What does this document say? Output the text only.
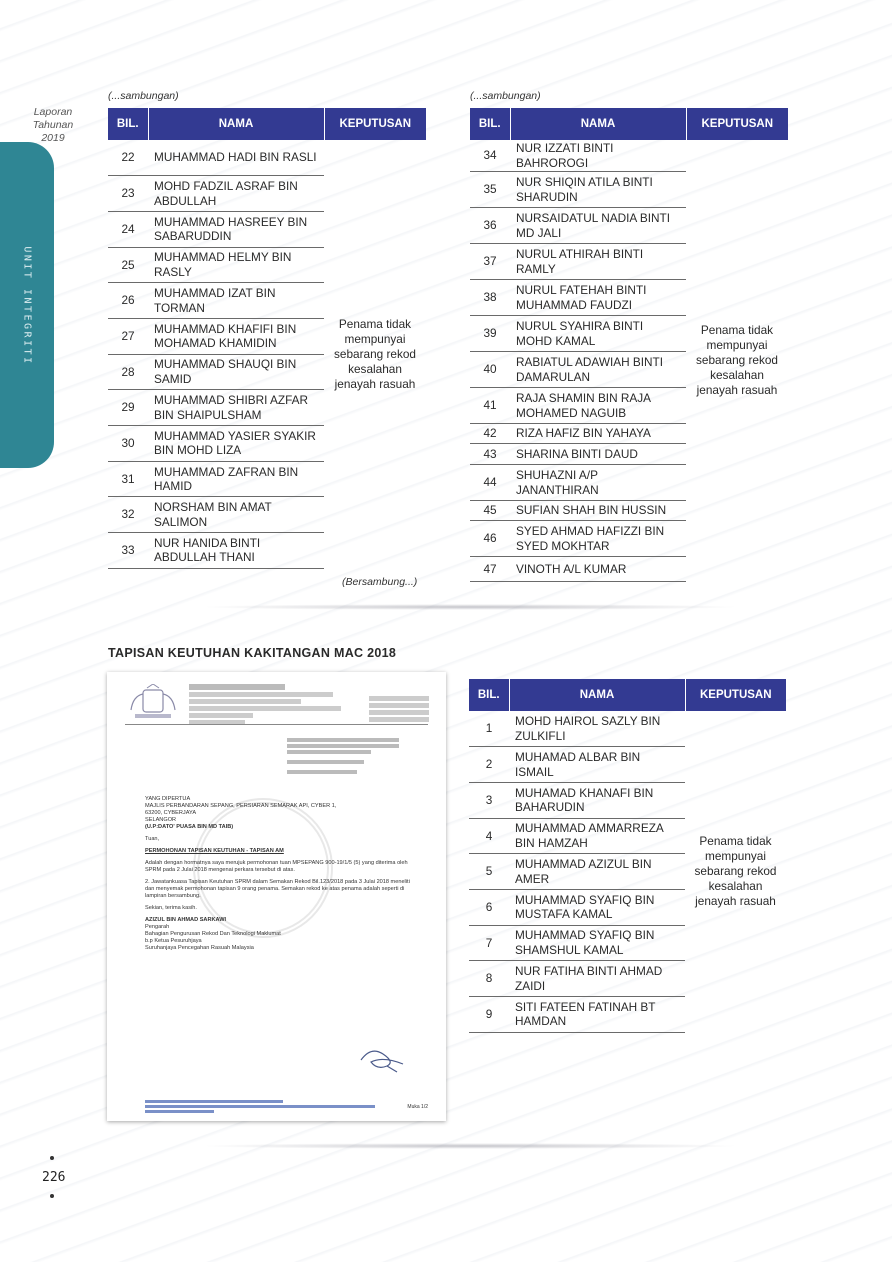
Laporan
Tahunan
2019
UNIT INTEGRITI
(...sambungan)
BIL.	NAMA	KEPUTUSAN
22	MUHAMMAD HADI BIN RASLI	Penama tidak mempunyai sebarang rekod kesalahan jenayah rasuah
23	MOHD FADZIL ASRAF BIN ABDULLAH	
24	MUHAMMAD HASREEY BIN SABARUDDIN	
25	MUHAMMAD HELMY BIN RASLY	
26	MUHAMMAD IZAT BIN TORMAN	
27	MUHAMMAD KHAFIFI BIN MOHAMAD KHAMIDIN	
28	MUHAMMAD SHAUQI BIN SAMID	
29	MUHAMMAD SHIBRI AZFAR BIN SHAIPULSHAM	
30	MUHAMMAD YASIER SYAKIR BIN MOHD LIZA	
31	MUHAMMAD ZAFRAN BIN HAMID	
32	NORSHAM BIN AMAT SALIMON	
33	NUR HANIDA BINTI ABDULLAH THANI	
(Bersambung...)
(...sambungan)
BIL.	NAMA	KEPUTUSAN
34	NUR IZZATI BINTI BAHROROGI	Penama tidak mempunyai sebarang rekod kesalahan jenayah rasuah
35	NUR SHIQIN ATILA BINTI SHARUDIN	
36	NURSAIDATUL NADIA BINTI MD JALI	
37	NURUL ATHIRAH BINTI RAMLY	
38	NURUL FATEHAH BINTI MUHAMMAD FAUDZI	
39	NURUL SYAHIRA BINTI MOHD KAMAL	
40	RABIATUL ADAWIAH BINTI DAMARULAN	
41	RAJA SHAMIN BIN RAJA MOHAMED NAGUIB	
42	RIZA HAFIZ BIN YAHAYA	
43	SHARINA BINTI DAUD	
44	SHUHAZNI A/P JANANTHIRAN	
45	SUFIAN SHAH BIN HUSSIN	
46	SYED AHMAD HAFIZZI BIN SYED MOKHTAR	
47	VINOTH A/L KUMAR	
TAPISAN KEUTUHAN KAKITANGAN MAC 2018

YANG DIPERTUA
MAJLIS PERBANDARAN SEPANG, PERSIARAN SEMARAK API, CYBER 1,
63200, CYBERJAYA
SELANGOR
(U.P:DATO' PUASA BIN MD TAIB)

Tuan,

PERMOHONAN TAPISAN KEUTUHAN - TAPISAN AM

Adalah dengan hormatnya saya merujuk permohonan tuan MPSEPANG 900-19/1/5 (5) yang diterima oleh SPRM pada 2 Julai 2018 mengenai perkara tersebut di atas.

2. Jawatankuasa Tapisan Keutuhan SPRM dalam Semakan Rekod Bil.123/2018 pada 3 Julai 2018 meneliti dan menyemak permohonan tapisan 9 orang penama. Semakan rekod ke atas penama adalah seperti di lampiran bersambung.

Sekian, terima kasih.

AZIZUL BIN AHMAD SARKAWI
Pengarah
Bahagian Pengurusan Rekod Dan Teknologi Maklumat
b.p Ketua Pesuruhjaya
Suruhanjaya Pencegahan Rasuah Malaysia

Muka 1/2
BIL.	NAMA	KEPUTUSAN
1	MOHD HAIROL SAZLY BIN ZULKIFLI	Penama tidak mempunyai sebarang rekod kesalahan jenayah rasuah
2	MUHAMAD ALBAR BIN ISMAIL	
3	MUHAMAD KHANAFI BIN BAHARUDIN	
4	MUHAMMAD AMMARREZA BIN HAMZAH	
5	MUHAMMAD AZIZUL BIN AMER	
6	MUHAMMAD SYAFIQ BIN MUSTAFA KAMAL	
7	MUHAMMAD SYAFIQ BIN SHAMSHUL KAMAL	
8	NUR FATIHA BINTI AHMAD ZAIDI	
9	SITI FATEEN FATINAH BT HAMDAN	
226
